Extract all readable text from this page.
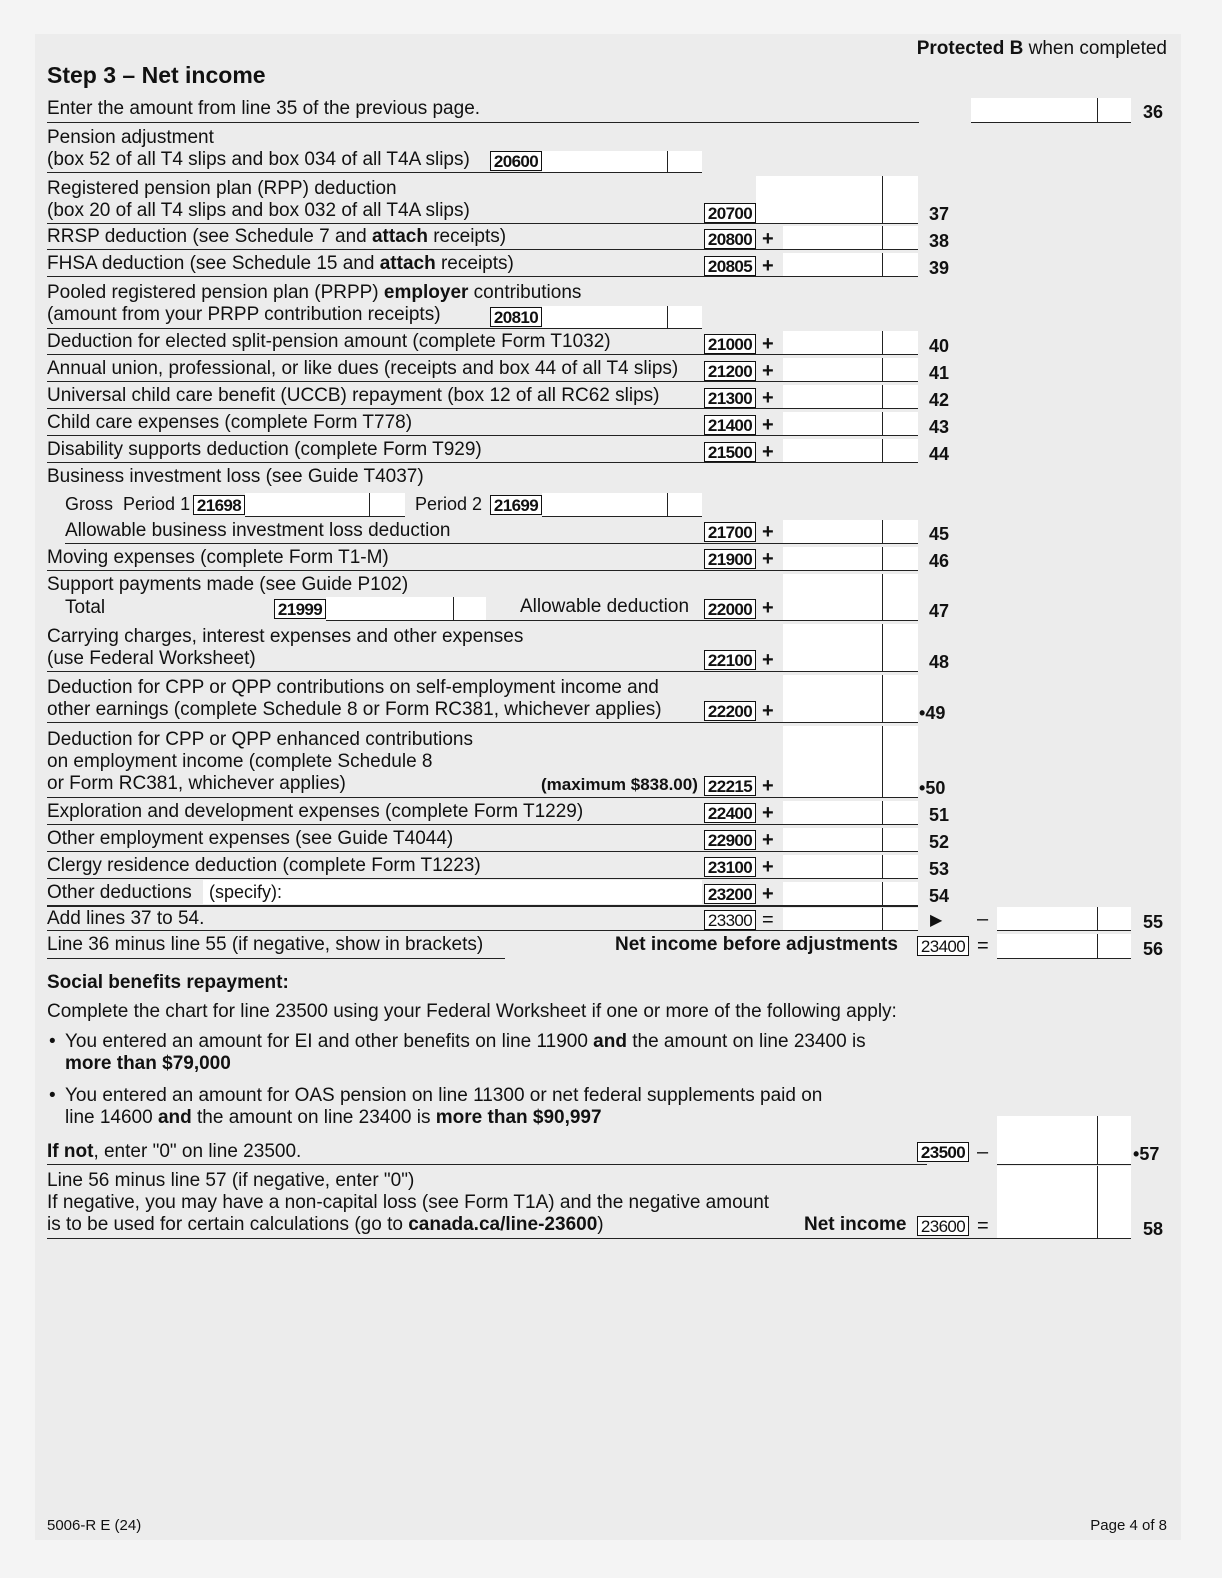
Protected B when completed
Step 3 – Net income
Enter the amount from line 35 of the previous page.	36
Pension adjustment
(box 52 of all T4 slips and box 034 of all T4A slips) 20600
Registered pension plan (RPP) deduction
(box 20 of all T4 slips and box 032 of all T4A slips)	20700	37
RRSP deduction (see Schedule 7 and attach receipts)	20800 +	38
FHSA deduction (see Schedule 15 and attach receipts)	20805 +	39
Pooled registered pension plan (PRPP) employer contributions
(amount from your PRPP contribution receipts)	20810
Deduction for elected split-pension amount (complete Form T1032)	21000 +	40
Annual union, professional, or like dues (receipts and box 44 of all T4 slips) 21200 +	41
Universal child care benefit (UCCB) repayment (box 12 of all RC62 slips)	21300 +	42
Child care expenses (complete Form T778)	21400 +	43
Disability supports deduction (complete Form T929)	21500 +	44
Business investment loss (see Guide T4037)
Gross Period 1 21698	Period 2 21699
Allowable business investment loss deduction	21700 +	45
Moving expenses (complete Form T1-M)	21900 +	46
Support payments made (see Guide P102)
Total	21999	Allowable deduction 22000 +	47
Carrying charges, interest expenses and other expenses
(use Federal Worksheet)	22100 +	48
Deduction for CPP or QPP contributions on self-employment income and
other earnings (complete Schedule 8 or Form RC381, whichever applies)	22200 +	•49
Deduction for CPP or QPP enhanced contributions
on employment income (complete Schedule 8
or Form RC381, whichever applies)	(maximum $838.00) 22215 +	•50
Exploration and development expenses (complete Form T1229)	22400 +	51
Other employment expenses (see Guide T4044)	22900 +	52
Clergy residence deduction (complete Form T1223)	23100 +	53
Other deductions (specify):	23200 +	54
Add lines 37 to 54.	23300 =	▶ –	55
Line 36 minus line 55 (if negative, show in brackets)	Net income before adjustments 23400 =	56
Social benefits repayment:
Complete the chart for line 23500 using your Federal Worksheet if one or more of the following apply:
• You entered an amount for EI and other benefits on line 11900 and the amount on line 23400 is
more than $79,000
• You entered an amount for OAS pension on line 11300 or net federal supplements paid on
line 14600 and the amount on line 23400 is more than $90,997
If not, enter "0" on line 23500.	23500 –	•57
Line 56 minus line 57 (if negative, enter "0")
If negative, you may have a non-capital loss (see Form T1A) and the negative amount
is to be used for certain calculations (go to canada.ca/line-23600)	Net income 23600 =	58
5006-R E (24)	Page 4 of 8
